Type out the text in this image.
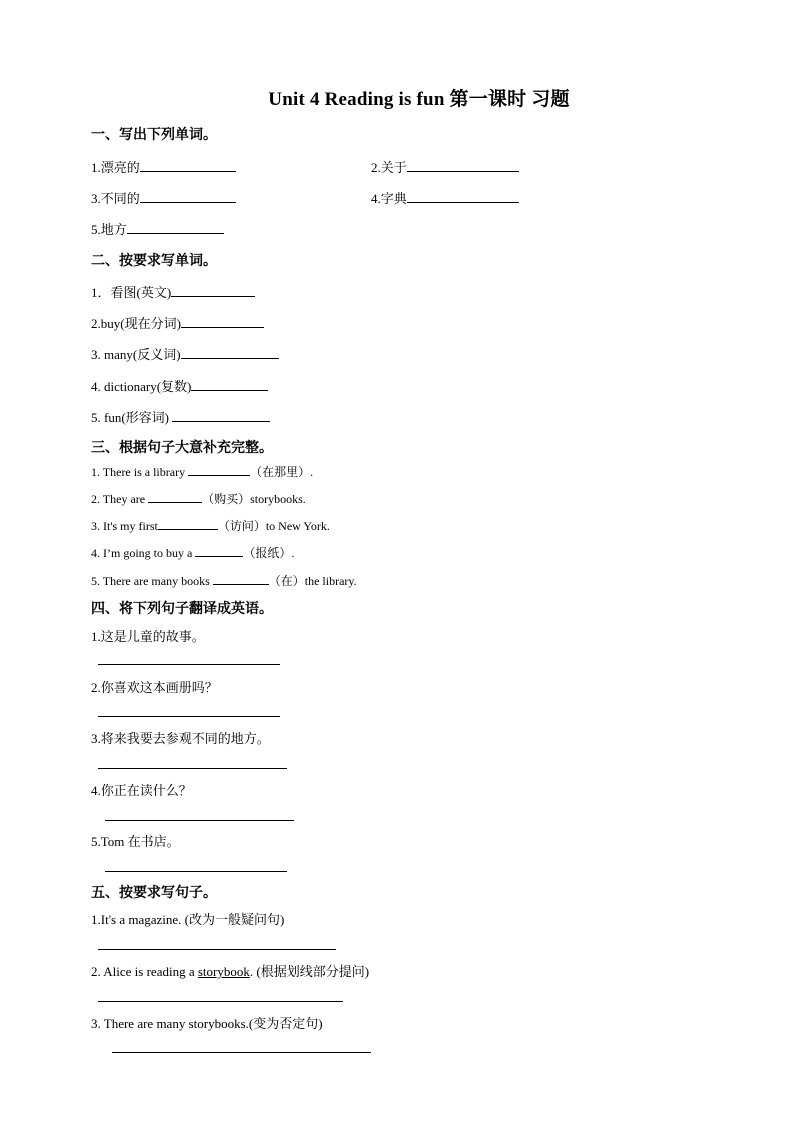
Unit 4 Reading is fun 第一课时 习题
一、写出下列单词。
1.漂亮的	2.关于
3.不同的	4.字典
5.地方
二、按要求写单词。
1．看图(英文)
2.buy(现在分词)
3. many(反义词)
4. dictionary(复数)
5. fun(形容词)
三、根据句子大意补充完整。
1. There is a library	（在那里）.
2. They are	（购买）storybooks.
3. It's my first	（访问）to New York.
4. I’m going to buy a	（报纸）.
5. There are many books	（在）the library.
四、将下列句子翻译成英语。
1.这是儿童的故事。
2.你喜欢这本画册吗？
3.将来我要去参观不同的地方。
4.你正在读什么？
5.Tom 在书店。
五、按要求写句子。
1.It's a magazine. (改为一般疑问句)
2. Alice is reading a storybook. (根据划线部分提问)
3. There are many storybooks.(变为否定句)
